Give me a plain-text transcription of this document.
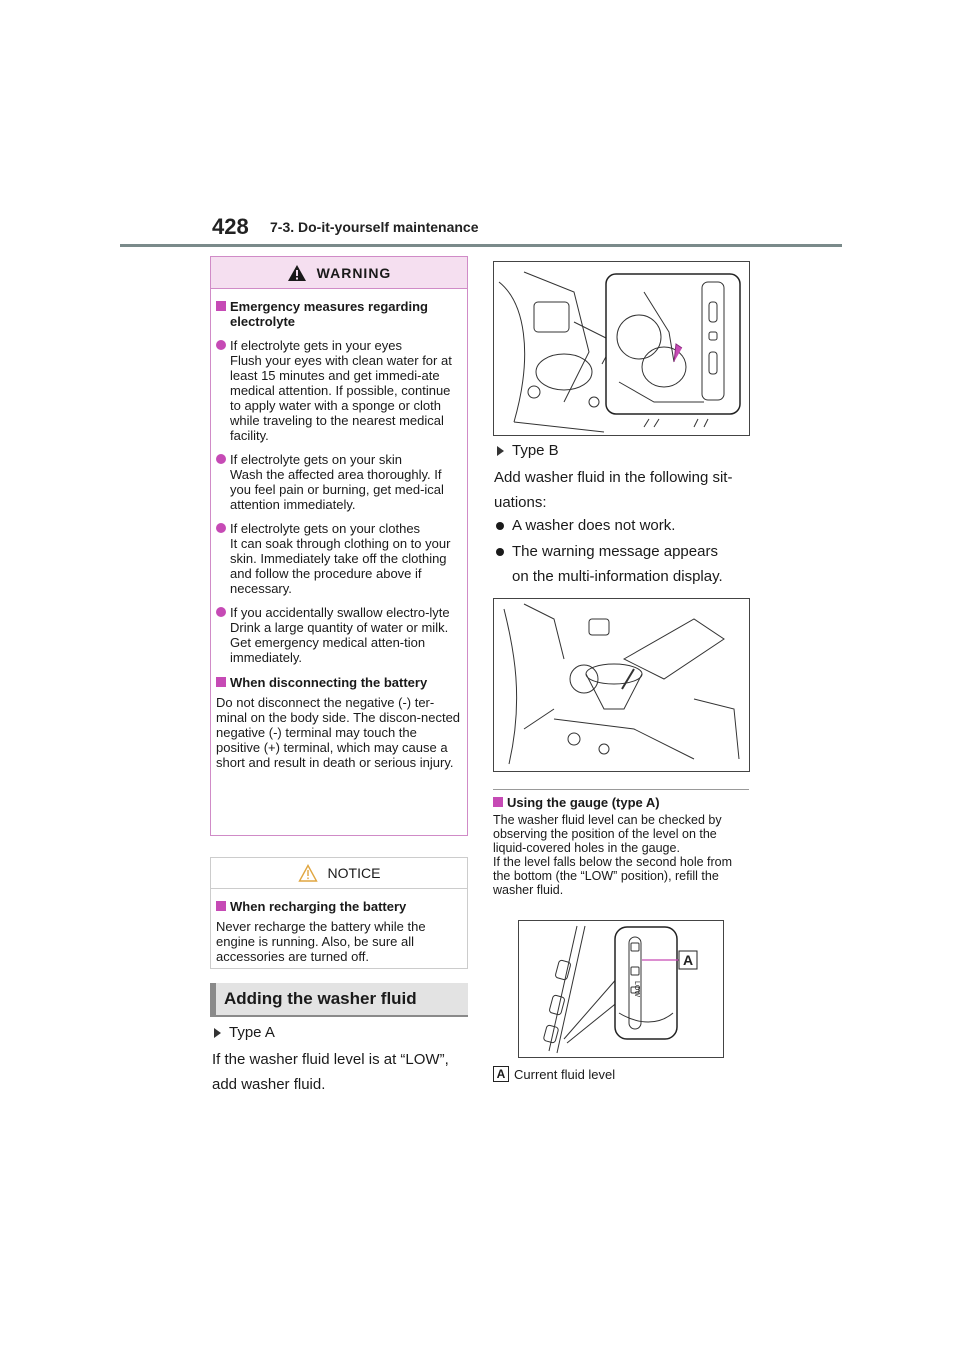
428 7-3. Do-it-yourself maintenance
WARNING
Emergency measures regarding electrolyte
If electrolyte gets in your eyes
Flush your eyes with clean water for at least 15 minutes and get immedi-ate medical attention. If possible, continue to apply water with a sponge or cloth while traveling to the nearest medical facility.
If electrolyte gets on your skin
Wash the affected area thoroughly. If you feel pain or burning, get med-ical attention immediately.
If electrolyte gets on your clothes
It can soak through clothing on to your skin. Immediately take off the clothing and follow the procedure above if necessary.
If you accidentally swallow electro-lyte
Drink a large quantity of water or milk. Get emergency medical atten-tion immediately.
When disconnecting the battery
Do not disconnect the negative (-) ter-minal on the body side. The discon-nected negative (-) terminal may touch the positive (+) terminal, which may cause a short and result in death or serious injury.
NOTICE
When recharging the battery
Never recharge the battery while the engine is running. Also, be sure all accessories are turned off.
Adding the washer fluid
Type A
If the washer fluid level is at “LOW”,
add washer fluid.
Type B
Add washer fluid in the following sit-
uations:
A washer does not work.
The warning message appears
on the multi-information display.
Using the gauge (type A)
The washer fluid level can be checked by observing the position of the level on the liquid-covered holes in the gauge.
If the level falls below the second hole from the bottom (the “LOW” position), refill the washer fluid.
LOW
A
A Current fluid level
